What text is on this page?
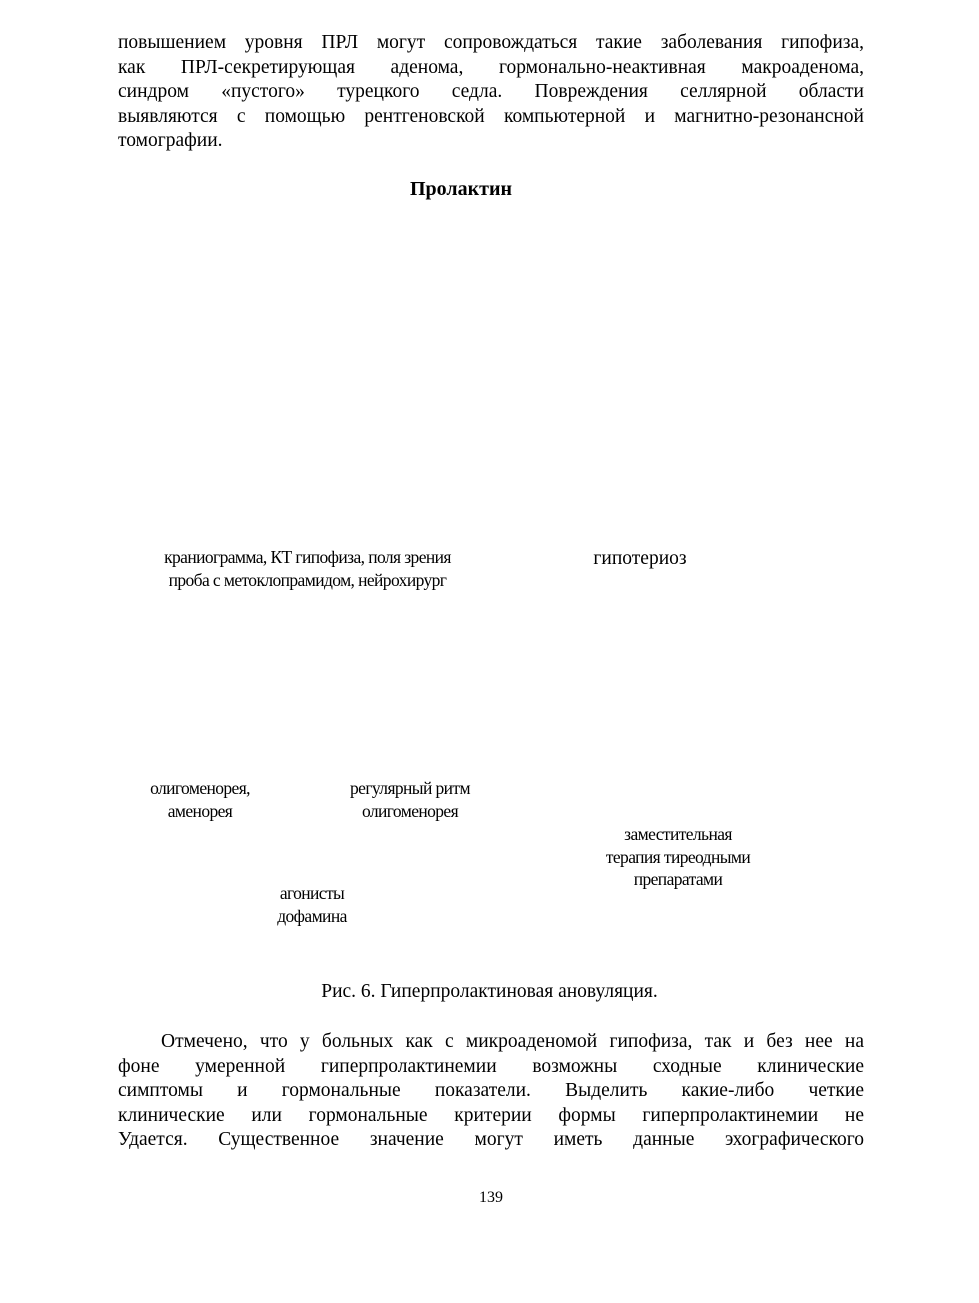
повышением уровня ПРЛ могут сопровождаться такие заболевания гипофиза,
как ПРЛ-секретирующая аденома, гормонально-неактивная макроаденома,
синдром «пустого» турецкого седла. Повреждения селлярной области
выявляются с помощью рентгеновской компьютерной и магнитно-резонансной
томографии.
Пролактин
краниограмма, КТ гипофиза, поля зрения
проба с метоклопрамидом, нейрохирург
гипотериоз
олигоменорея,
аменорея
регулярный ритм
олигоменорея
заместительная
терапия тиреодными
препаратами
агонисты
дофамина
Рис. 6. Гиперпролактиновая ановуляция.
Отмечено, что у больных как с микроаденомой гипофиза, так и без нее на
фоне умеренной гиперпролактинемии возможны сходные клинические
симптомы и гормональные показатели. Выделить какие-либо четкие
клинические или гормональные критерии формы гиперпролактинемии не
Удается. Существенное значение могут иметь данные эхографического
139
